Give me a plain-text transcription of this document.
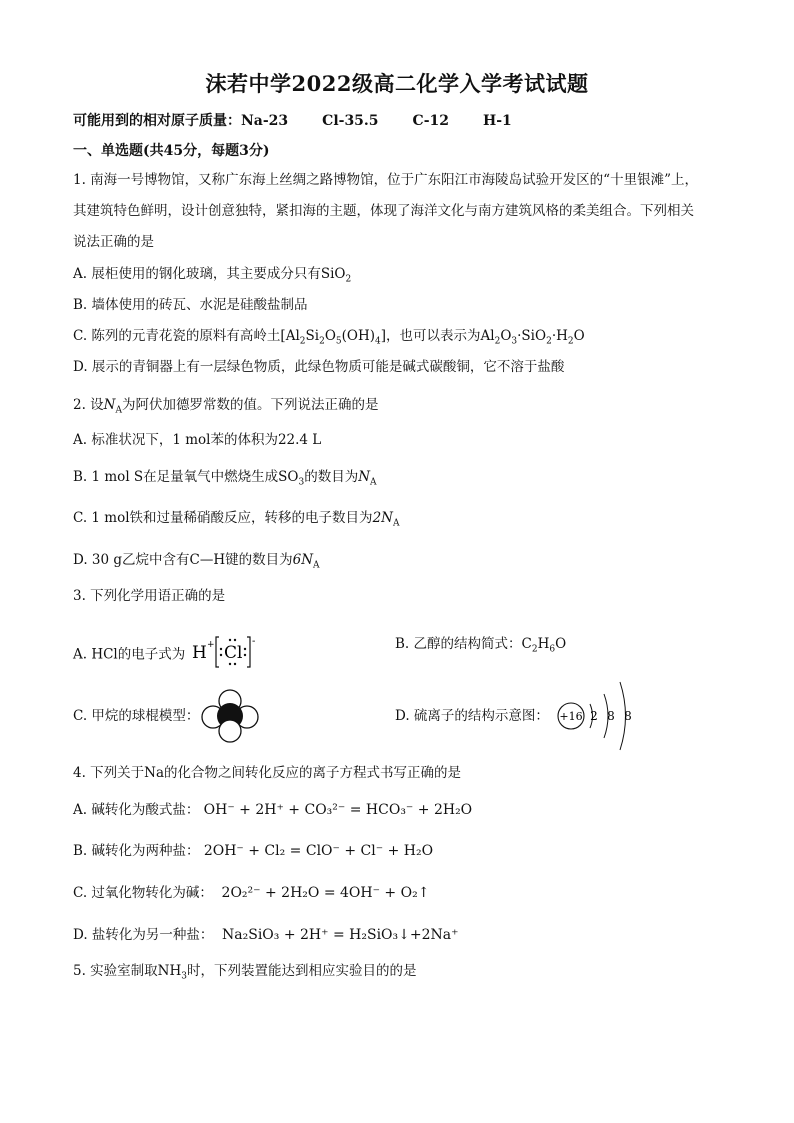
沫若中学2022级高二化学入学考试试题
可能用到的相对原子质量：Na-23 Cl-35.5 C-12 H-1
一、单选题(共45分，每题3分)
1. 南海一号博物馆，又称广东海上丝绸之路博物馆，位于广东阳江市海陵岛试验开发区的“十里银滩”上，
其建筑特色鲜明，设计创意独特，紧扣海的主题，体现了海洋文化与南方建筑风格的柔美组合。下列相关
说法正确的是
A. 展柜使用的钢化玻璃，其主要成分只有SiO$_2$
B. 墙体使用的砖瓦、水泥是硅酸盐制品
C. 陈列的元青花瓷的原料有高岭土$[Al_2Si_2O_5(OH)_4]$，也可以表示为$Al_2O_3\cdot SiO_2\cdot H_2O$
D. 展示的青铜器上有一层绿色物质，此绿色物质可能是碱式碳酸铜，它不溶于盐酸
2. 设$N_A$为阿伏加德罗常数的值。下列说法正确的是
A. 标准状况下，1 mol苯的体积为22.4 L
B. 1 mol S在足量氧气中燃烧生成$SO_3$的数目为$N_A$
C. 1 mol铁和过量稀硝酸反应，转移的电子数目为$2N_A$
D. 30 g乙烷中含有C—H键的数目为$6N_A$
3. 下列化学用语正确的是
A. HCl的电子式为 H + Cl
-	B. 乙醇的结构简式：$C_2H_6O$
C. 甲烷的球棍模型：	D. 硫离子的结构示意图： +16 2 8 8
4. 下列关于Na的化合物之间转化反应的离子方程式书写正确的是
A. 碱转化为酸式盐： OH⁻ + 2H⁺ + CO₃²⁻ = HCO₃⁻ + 2H₂O
B. 碱转化为两种盐： 2OH⁻ + Cl₂ = ClO⁻ + Cl⁻ + H₂O
C. 过氧化物转化为碱： 2O₂²⁻ + 2H₂O = 4OH⁻ + O₂↑
D. 盐转化为另一种盐： Na₂SiO₃ + 2H⁺ = H₂SiO₃↓+2Na⁺
5. 实验室制取$NH_3$时，下列装置能达到相应实验目的的是
